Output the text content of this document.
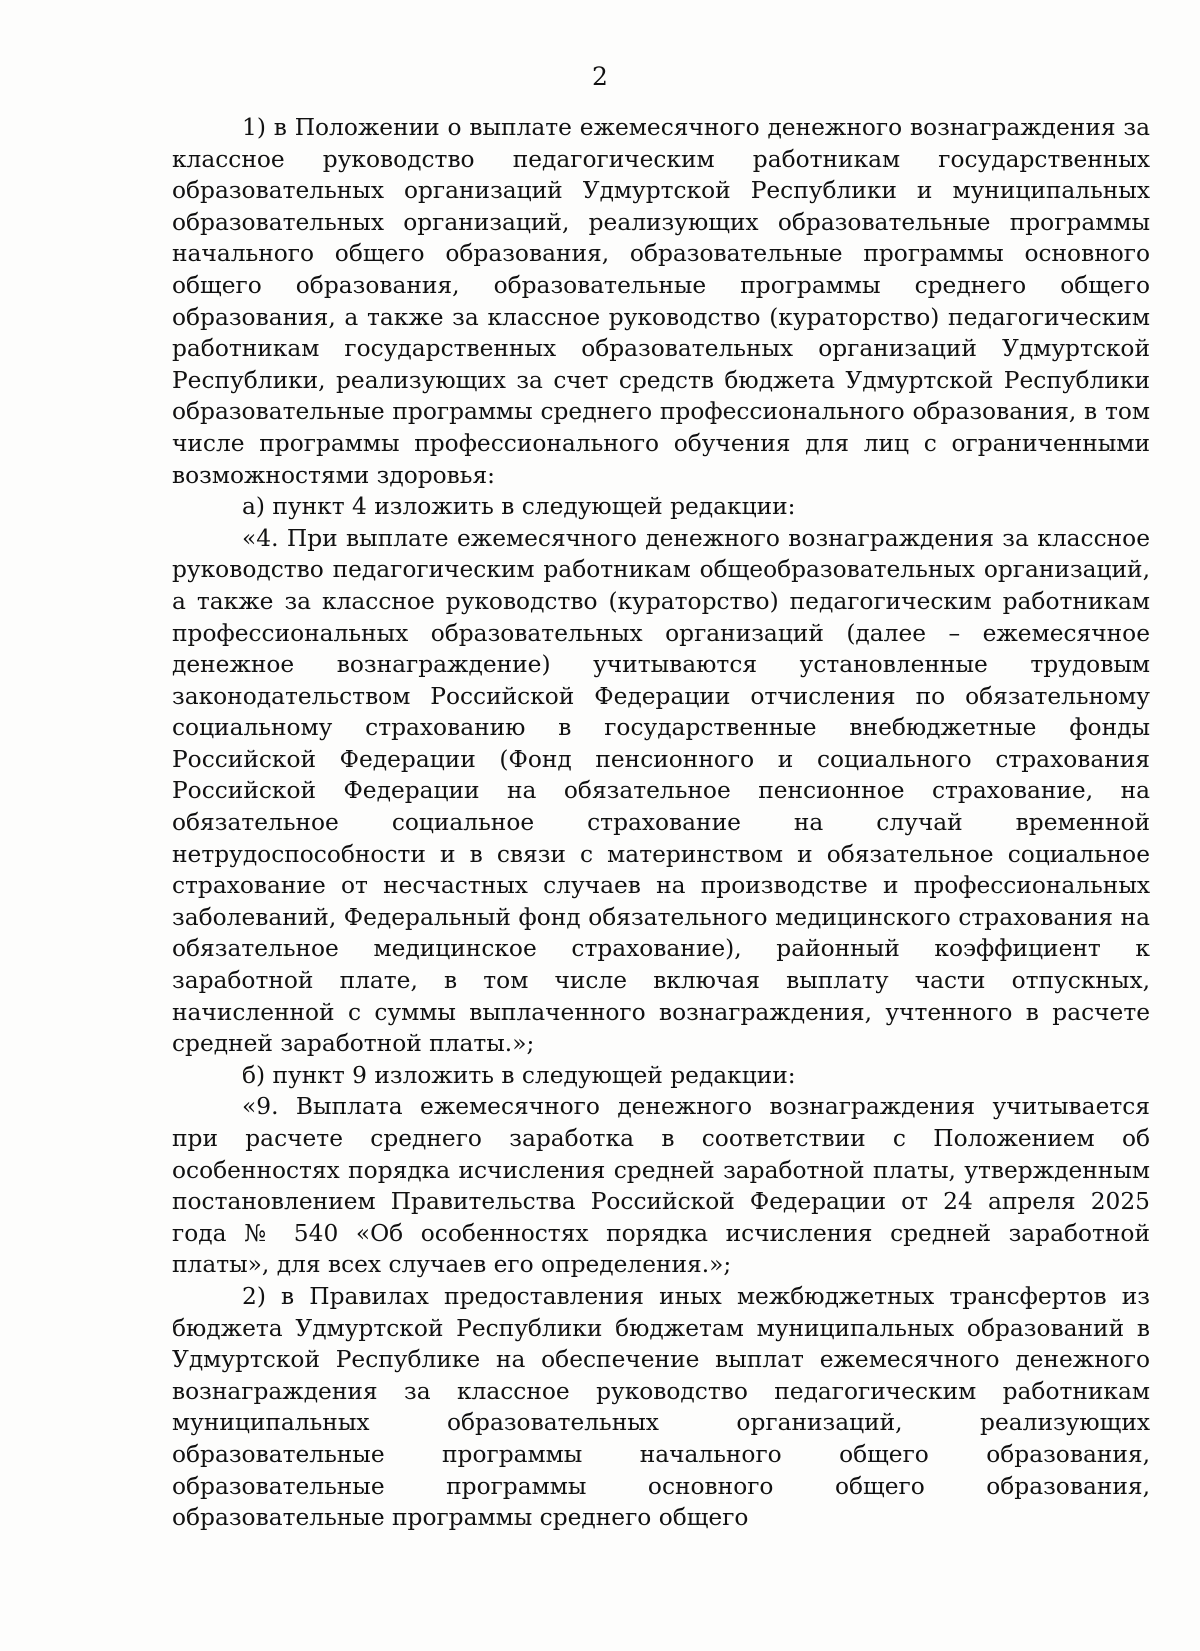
2

1) в Положении о выплате ежемесячного денежного вознаграждения за классное руководство педагогическим работникам государственных образовательных организаций Удмуртской Республики и муниципальных образовательных организаций, реализующих образовательные программы начального общего образования, образовательные программы основного общего образования, образовательные программы среднего общего образования, а также за классное руководство (кураторство) педагогическим работникам государственных образовательных организаций Удмуртской Республики, реализующих за счет средств бюджета Удмуртской Республики образовательные программы среднего профессионального образования, в том числе программы профессионального обучения для лиц с ограниченными возможностями здоровья:

а) пункт 4 изложить в следующей редакции:

«4. При выплате ежемесячного денежного вознаграждения за классное руководство педагогическим работникам общеобразовательных организаций, а также за классное руководство (кураторство) педагогическим работникам профессиональных образовательных организаций (далее – ежемесячное денежное вознаграждение) учитываются установленные трудовым законодательством Российской Федерации отчисления по обязательному социальному страхованию в государственные внебюджетные фонды Российской Федерации (Фонд пенсионного и социального страхования Российской Федерации на обязательное пенсионное страхование, на обязательное социальное страхование на случай временной нетрудоспособности и в связи с материнством и обязательное социальное страхование от несчастных случаев на производстве и профессиональных заболеваний, Федеральный фонд обязательного медицинского страхования на обязательное медицинское страхование), районный коэффициент к заработной плате, в том числе включая выплату части отпускных, начисленной с суммы выплаченного вознаграждения, учтенного в расчете средней заработной платы.»;

б) пункт 9 изложить в следующей редакции:

«9. Выплата ежемесячного денежного вознаграждения учитывается при расчете среднего заработка в соответствии с Положением об особенностях порядка исчисления средней заработной платы, утвержденным постановлением Правительства Российской Федерации от 24 апреля 2025 года № 540 «Об особенностях порядка исчисления средней заработной платы», для всех случаев его определения.»;

2) в Правилах предоставления иных межбюджетных трансфертов из бюджета Удмуртской Республики бюджетам муниципальных образований в Удмуртской Республике на обеспечение выплат ежемесячного денежного вознаграждения за классное руководство педагогическим работникам муниципальных образовательных организаций, реализующих образовательные программы начального общего образования, образовательные программы основного общего образования, образовательные программы среднего общего
